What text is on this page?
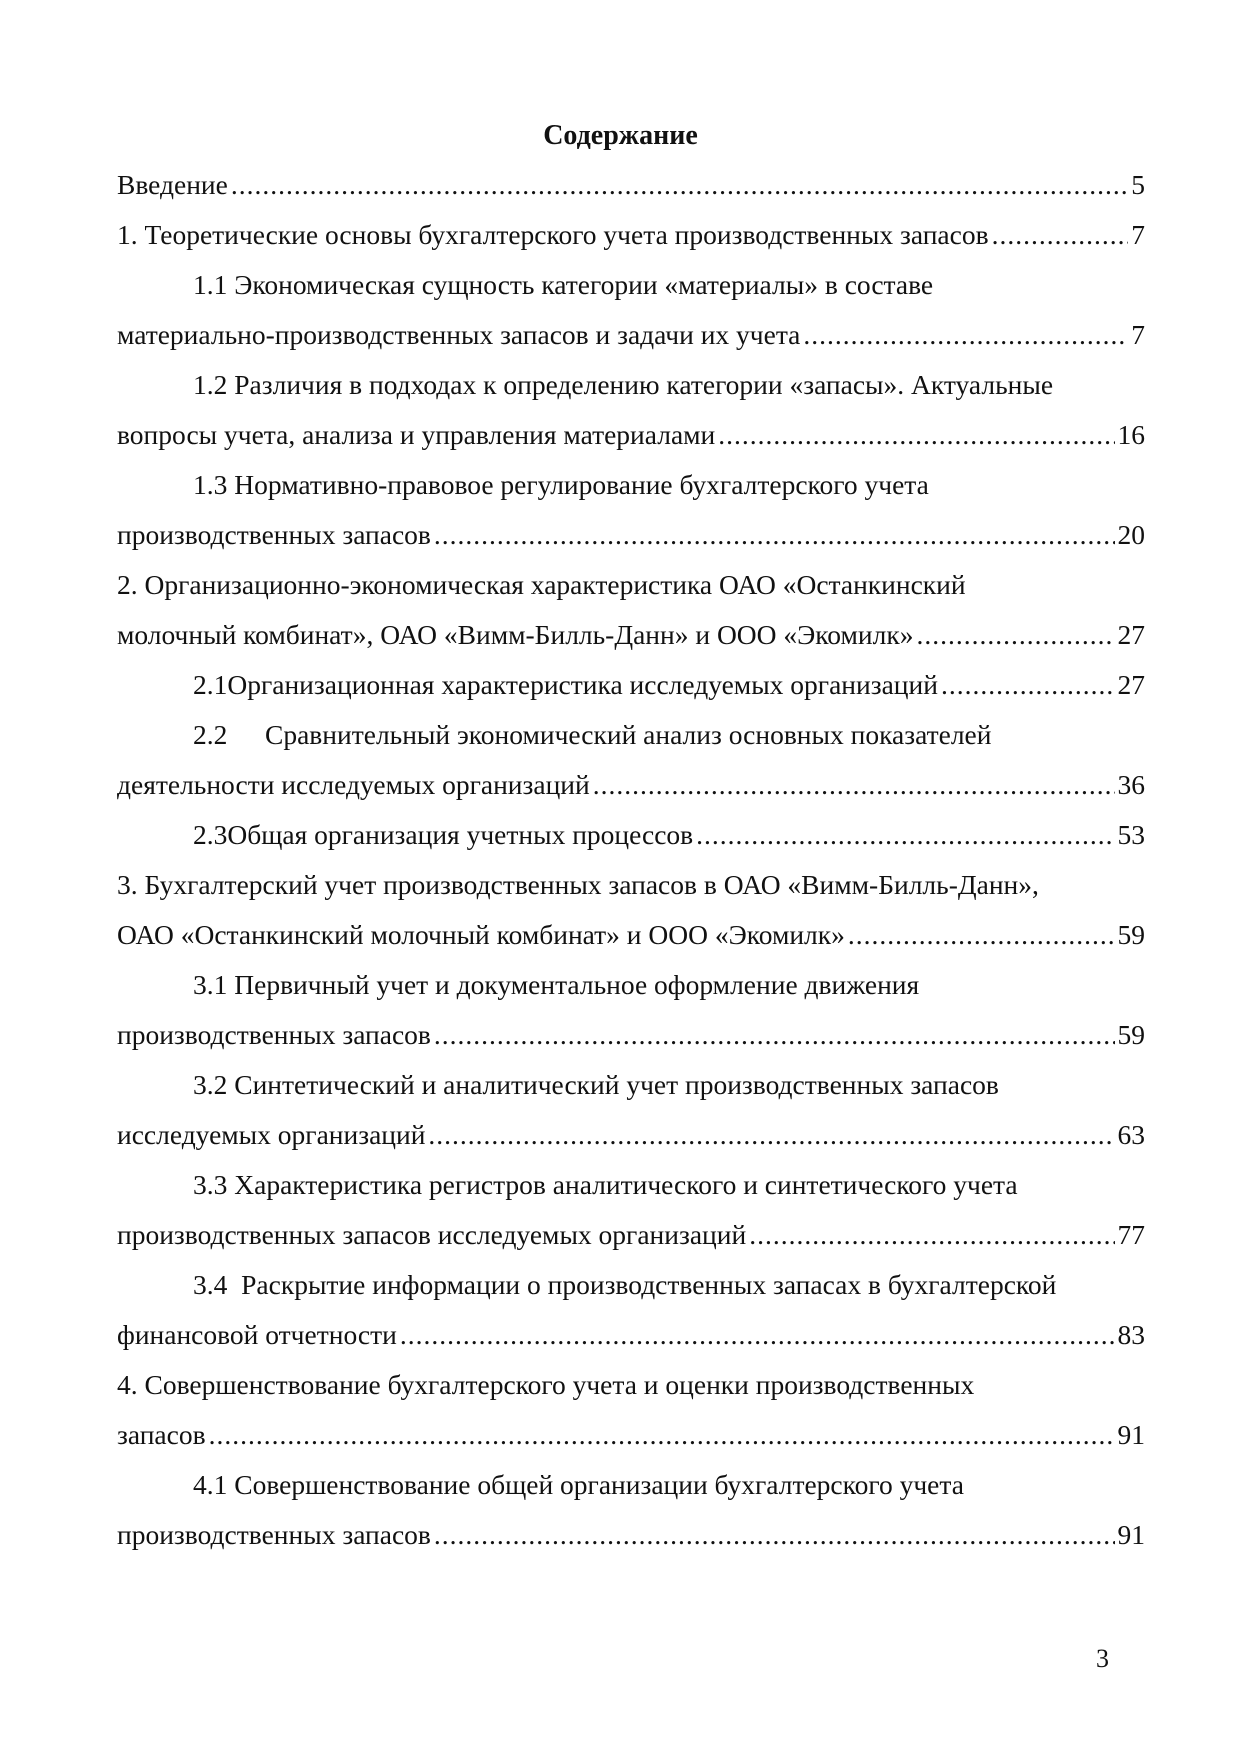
Содержание
Введение .....	5
1. Теоретические основы бухгалтерского учета производственных запасов .....	7
1.1 Экономическая сущность категории «материалы» в составе
материально-производственных запасов и задачи их учета .....	7
1.2 Различия в подходах к определению категории «запасы». Актуальные
вопросы учета, анализа и управления материалами .....	16
1.3 Нормативно-правовое регулирование бухгалтерского учета
производственных запасов .....	20
2. Организационно-экономическая характеристика ОАО «Останкинский
молочный комбинат», ОАО «Вимм-Билль-Данн» и ООО «Экомилк» .....	27
2.1 Организационная характеристика исследуемых организаций .....	27
2.2	Сравнительный экономический анализ основных показателей
деятельности исследуемых организаций .....	36
2.3 Общая организация учетных процессов .....	53
3. Бухгалтерский учет производственных запасов в ОАО «Вимм-Билль-Данн»,
ОАО «Останкинский молочный комбинат» и ООО «Экомилк» .....	59
3.1 Первичный учет и документальное оформление движения
производственных запасов .....	59
3.2 Синтетический и аналитический учет производственных запасов
исследуемых организаций .....	63
3.3 Характеристика регистров аналитического и синтетического учета
производственных запасов исследуемых организаций .....	77
3.4  Раскрытие информации о производственных запасах в бухгалтерской
финансовой отчетности .....	83
4. Совершенствование бухгалтерского учета и оценки производственных
запасов .....	91
4.1 Совершенствование общей организации бухгалтерского учета
производственных запасов .....	91
3
